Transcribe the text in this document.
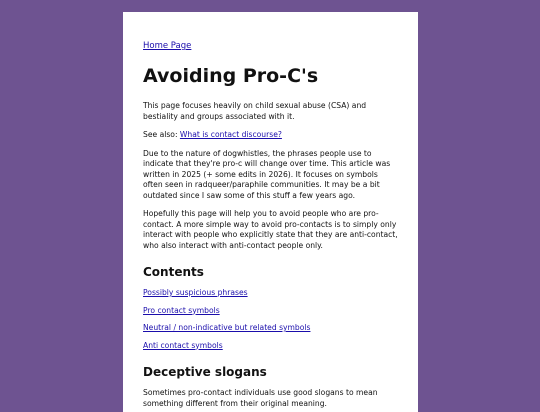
Home Page
Avoiding Pro-C's

This page focuses heavily on child sexual abuse (CSA) and bestiality and groups associated with it.

See also: What is contact discourse?

Due to the nature of dogwhistles, the phrases people use to indicate that they're pro-c will change over time. This article was written in 2025 (+ some edits in 2026). It focuses on symbols often seen in radqueer/paraphile communities. It may be a bit outdated since I saw some of this stuff a few years ago.

Hopefully this page will help you to avoid people who are pro-contact. A more simple way to avoid pro-contacts is to simply only interact with people who explicitly state that they are anti-contact, who also interact with anti-contact people only.

Contents
Possibly suspicious phrases
Pro contact symbols
Neutral / non-indicative but related symbols
Anti contact symbols
Deceptive slogans

Sometimes pro-contact individuals use good slogans to mean something different from their original meaning.
